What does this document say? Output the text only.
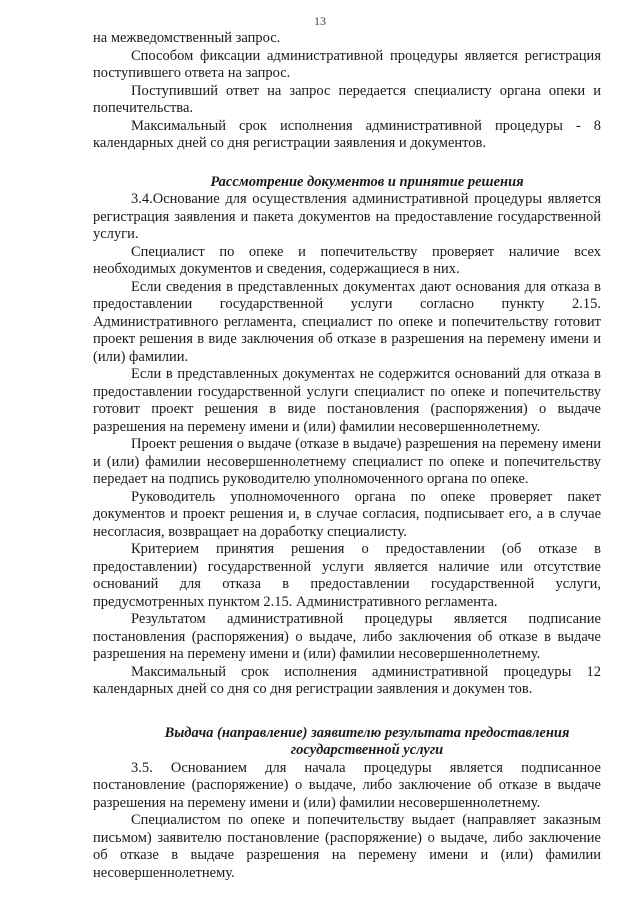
13

на межведомственный запрос.

Способом фиксации административной процедуры является регистрация поступившего ответа на запрос.

Поступивший ответ на запрос передается специалисту органа опеки и попечительства.

Максимальный срок исполнения административной процедуры - 8 календарных дней со дня регистрации заявления и документов.

Рассмотрение документов и принятие решения

3.4.Основание для осуществления административной процедуры является регистрация заявления и пакета документов на предоставление государственной услуги.

Специалист по опеке и попечительству проверяет наличие всех необходимых документов и сведения, содержащиеся в них.

Если сведения в представленных документах дают основания для отказа в предоставлении государственной услуги согласно пункту 2.15. Административного регламента, специалист по опеке и попечительству готовит проект решения в виде заключения об отказе в разрешения на перемену имени и (или) фамилии.

Если в представленных документах не содержится оснований для отказа в предоставлении государственной услуги специалист по опеке и попечительству готовит проект решения в виде постановления (распоряжения) о выдаче разрешения на перемену имени и (или) фамилии несовершеннолетнему.

Проект решения о выдаче (отказе в выдаче) разрешения на перемену имени и (или) фамилии несовершеннолетнему специалист по опеке и попечительству передает на подпись руководителю уполномоченного органа по опеке.

Руководитель уполномоченного органа по опеке проверяет пакет документов и проект решения и, в случае согласия, подписывает его, а в случае несогласия, возвращает на доработку специалисту.

Критерием принятия решения о предоставлении (об отказе в предоставлении) государственной услуги является наличие или отсутствие оснований для отказа в предоставлении государственной услуги, предусмотренных пунктом 2.15. Административного регламента.

Результатом административной процедуры является подписание постановления (распоряжения) о выдаче, либо заключения об отказе в выдаче разрешения на перемену имени и (или) фамилии несовершеннолетнему.

Максимальный срок исполнения административной процедуры 12 календарных дней со дня со дня регистрации заявления и докумен тов.

Выдача (направление) заявителю результата предоставления
государственной услуги

3.5. Основанием для начала процедуры является подписанное постановление (распоряжение) о выдаче, либо заключение об отказе в выдаче разрешения на перемену имени и (или) фамилии несовершеннолетнему.

Специалистом по опеке и попечительству выдает (направляет заказным письмом) заявителю постановление (распоряжение) о выдаче, либо заключение об отказе в выдаче разрешения на перемену имени и (или) фамилии несовершеннолетнему.
